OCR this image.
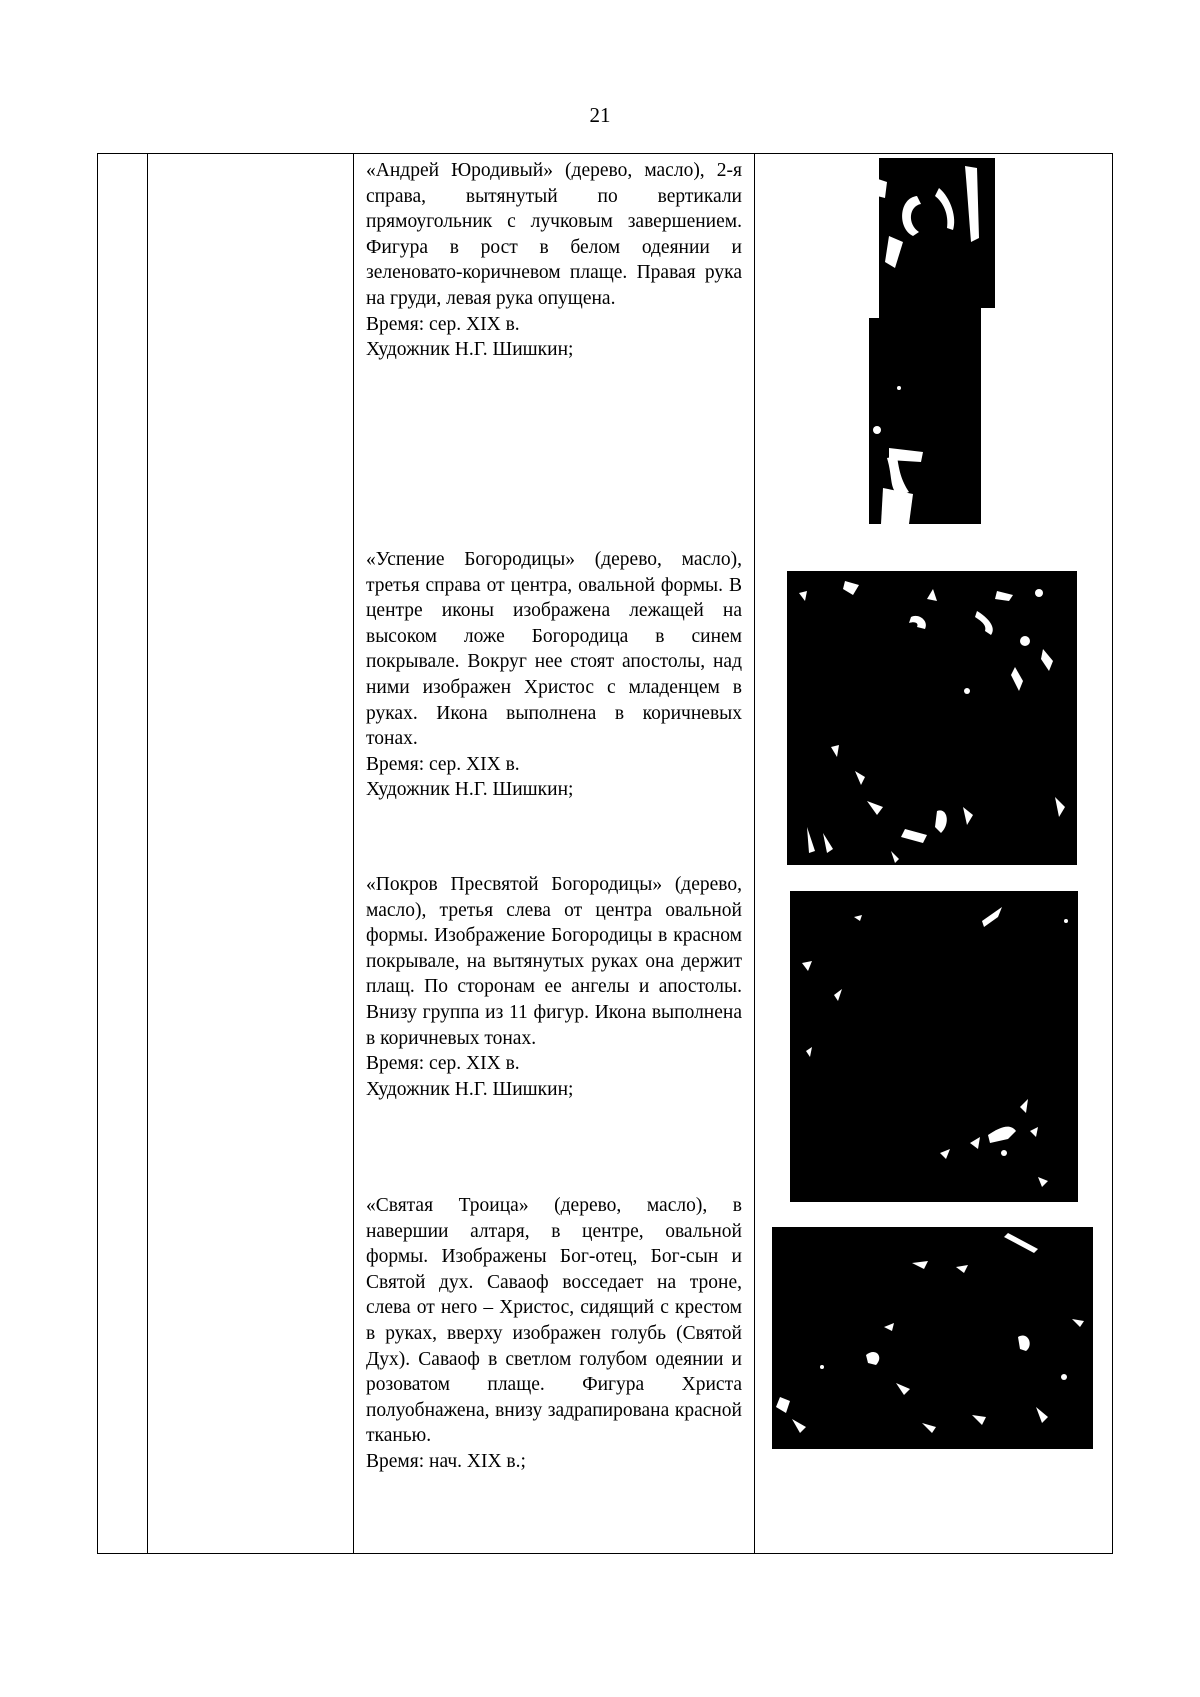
21

«Андрей Юродивый» (дерево, масло), 2-я справа, вытянутый по вертикали прямоугольник с лучковым завершением. Фигура в рост в белом одеянии и зеленовато-коричневом плаще. Правая рука на груди, левая рука опущена.

Время: сер. XIX в.

Художник Н.Г. Шишкин;

«Успение Богородицы» (дерево, масло), третья справа от центра, овальной формы. В центре иконы изображена лежащей на высоком ложе Богородица в синем покрывале. Вокруг нее стоят апостолы, над ними изображен Христос с младенцем в руках. Икона выполнена в коричневых тонах.

Время: сер. XIX в.

Художник Н.Г. Шишкин;

«Покров Пресвятой Богородицы» (дерево, масло), третья слева от центра овальной формы. Изображение Богородицы в красном покрывале, на вытянутых руках она держит плащ. По сторонам ее ангелы и апостолы. Внизу группа из 11 фигур. Икона выполнена в коричневых тонах.

Время: сер. XIX в.

Художник Н.Г. Шишкин;

«Святая Троица» (дерево, масло), в навершии алтаря, в центре, овальной формы. Изображены Бог-отец, Бог-сын и Святой дух. Саваоф восседает на троне, слева от него – Христос, сидящий с крестом в руках, вверху изображен голубь (Святой Дух). Саваоф в светлом голубом одеянии и розоватом плаще. Фигура Христа полуобнажена, внизу задрапирована красной тканью.

Время: нач. XIX в.;
